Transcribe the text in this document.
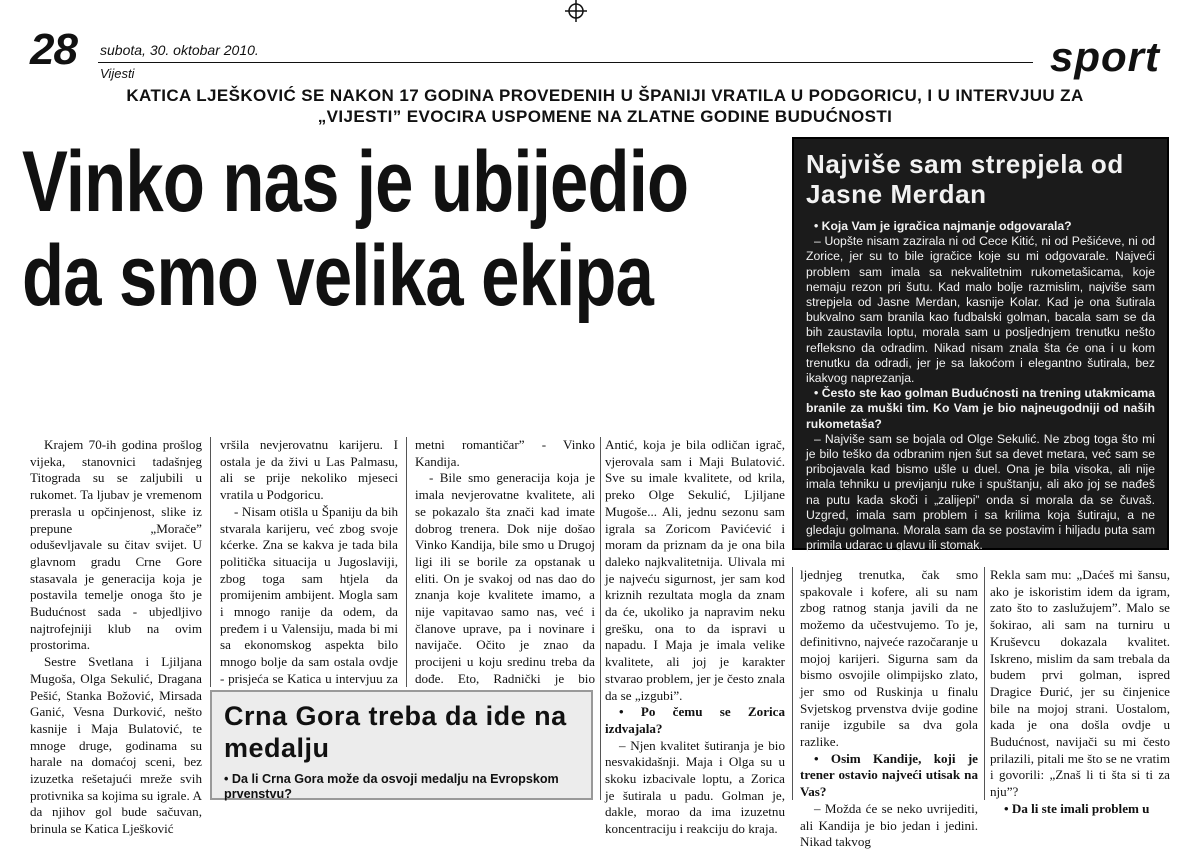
28 subota, 30. oktobar 2010.
Vijesti	sport
KATICA LJEŠKOVIĆ SE NAKON 17 GODINA PROVEDENIH U ŠPANIJI VRATILA U PODGORICU, I U INTERVJUU ZA
„VIJESTI” EVOCIRA USPOMENE NA ZLATNE GODINE BUDUĆNOSTI
Vinko nas je ubijedio
da smo velika ekipa
Najviše sam strepjela od Jasne Merdan

• Koja Vam je igračica najmanje odgovarala?

– Uopšte nisam zazirala ni od Cece Kitić, ni od Pešićeve, ni od Zorice, jer su to bile igračice koje su mi odgovarale. Najveći problem sam imala sa nekvalitetnim rukometašicama, koje nemaju rezon pri šutu. Kad malo bolje razmislim, najviše sam strepjela od Jasne Merdan, kasnije Kolar. Kad je ona šutirala bukvalno sam branila kao fudbalski golman, bacala sam se da bih zaustavila loptu, morala sam u posljednjem trenutku nešto refleksno da odradim. Nikad nisam znala šta će ona i u kom trenutku da odradi, jer je sa lakoćom i elegantno šutirala, bez ikakvog naprezanja.

• Često ste kao golman Budućnosti na trening utakmicama branile za muški tim. Ko Vam je bio najneugodniji od naših rukometaša?

– Najviše sam se bojala od Olge Sekulić. Ne zbog toga što mi je bilo teško da odbranim njen šut sa devet metara, već sam se pribojavala kad bismo ušle u duel. Ona je bila visoka, ali nije imala tehniku u previjanju ruke i spuštanju, ali ako joj se nađeš na putu kada skoči i „zalijepi” onda si morala da se čuvaš. Uzgred, imala sam problem i sa krilima koja šutiraju, a ne gledaju golmana. Morala sam da se postavim i hiljadu puta sam primila udarac u glavu ili stomak.

Krajem 70-ih godina prošlog vijeka, stanovnici tadašnjeg Titograda su se zaljubili u rukomet. Ta ljubav je vremenom prerasla u opčinjenost, slike iz prepune „Morače” oduševljavale su čitav svijet. U glavnom gradu Crne Gore stasavala je generacija koja je postavila temelje onoga što je Budućnost sada - ubjedljivo najtrofejniji klub na ovim prostorima.

Sestre Svetlana i Ljiljana Mugoša, Olga Sekulić, Dragana Pešić, Stanka Božović, Mirsada Ganić, Vesna Durković, nešto kasnije i Maja Bulatović, te mnoge druge, godinama su harale na domaćoj sceni, bez izuzetka rešetajući mreže svih protivnika sa kojima su igrale. A da njihov gol bude sačuvan, brinula se Katica Lješković

vršila nevjerovatnu karijeru. I ostala je da živi u Las Palmasu, ali se prije nekoliko mjeseci vratila u Podgoricu.

- Nisam otišla u Španiju da bih stvarala karijeru, već zbog svoje kćerke. Zna se kakva je tada bila politička situacija u Jugoslaviji, zbog toga sam htjela da promijenim ambijent. Mogla sam i mnogo ranije da odem, da pređem i u Valensiju, mada bi mi sa ekonomskog aspekta bilo mnogo bolje da sam ostala ovdje - prisjeća se Katica u intervjuu za

metni romantičar” - Vinko Kandija.

- Bile smo generacija koja je imala nevjerovatne kvalitete, ali se pokazalo šta znači kad imate dobrog trenera. Dok nije došao Vinko Kandija, bile smo u Drugoj ligi ili se borile za opstanak u eliti. On je svakoj od nas dao do znanja koje kvalitete imamo, a nije vapitavao samo nas, već i članove uprave, pa i novinare i navijače. Očito je znao da procijeni u koju sredinu treba da dođe. Eto, Radnički je bio

Antić, koja je bila odličan igrač, vjerovala sam i Maji Bulatović. Sve su imale kvalitete, od krila, preko Olge Sekulić, Ljiljane Mugoše... Ali, jednu sezonu sam igrala sa Zoricom Pavićević i moram da priznam da je ona bila daleko najkvalitetnija. Ulivala mi je najveću sigurnost, jer sam kod kriznih rezultata mogla da znam da će, ukoliko ja napravim neku grešku, ona to da ispravi u napadu. I Maja je imala velike kvalitete, ali joj je karakter stvarao problem, jer je često znala da se „izgubi”.

• Po čemu se Zorica izdvajala?

– Njen kvalitet šutiranja je bio nesvakidašnji. Maja i Olga su u skoku izbacivale loptu, a Zorica je šutirala u padu. Golman je, dakle, morao da ima izuzetnu koncentraciju i reakciju do kraja.

ljednjeg trenutka, čak smo spakovale i kofere, ali su nam zbog ratnog stanja javili da ne možemo da učestvujemo. To je, definitivno, najveće razočaranje u mojoj karijeri. Sigurna sam da bismo osvojile olimpijsko zlato, jer smo od Ruskinja u finalu Svjetskog prvenstva dvije godine ranije izgubile sa dva gola razlike.

• Osim Kandije, koji je trener ostavio najveći utisak na Vas?

– Možda će se neko uvrijediti, ali Kandija je bio jedan i jedini. Nikad takvog

Rekla sam mu: „Daćeš mi šansu, ako je iskoristim idem da igram, zato što to zaslužujem”. Malo se šokirao, ali sam na turniru u Kruševcu dokazala kvalitet. Iskreno, mislim da sam trebala da budem prvi golman, ispred Dragice Đurić, jer su činjenice bile na mojoj strani. Uostalom, kada je ona došla ovdje u Budućnost, navijači su mi često prilazili, pitali me što se ne vratim i govorili: „Znaš li ti šta si ti za nju”?

• Da li ste imali problem u

Crna Gora treba da ide na medalju
• Da li Crna Gora može da osvoji medalju na Evropskom prvenstvu?
